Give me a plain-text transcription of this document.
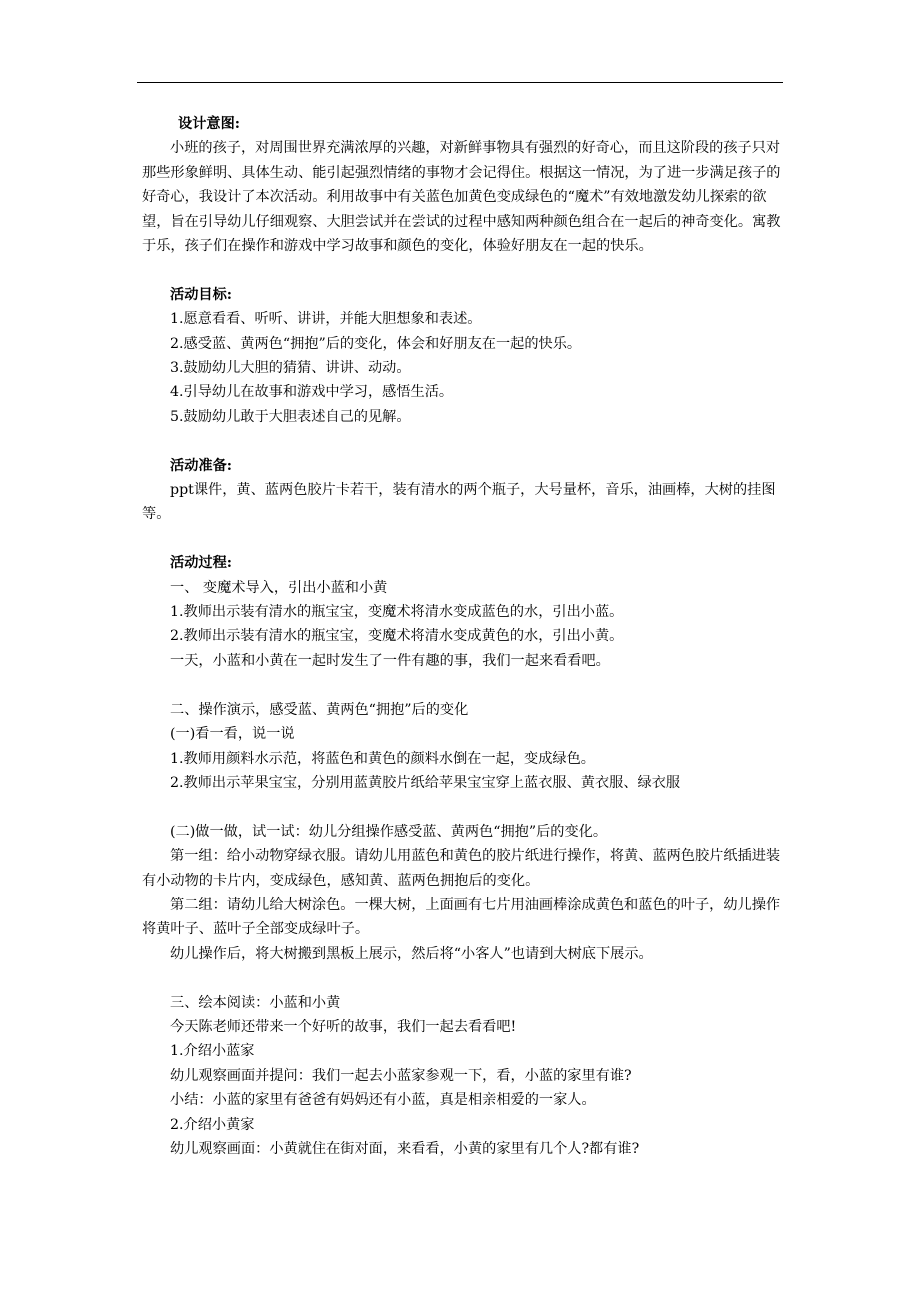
设计意图:

小班的孩子，对周围世界充满浓厚的兴趣，对新鲜事物具有强烈的好奇心，而且这阶段的孩子只对那些形象鲜明、具体生动、能引起强烈情绪的事物才会记得住。根据这一情况，为了进一步满足孩子的好奇心，我设计了本次活动。利用故事中有关蓝色加黄色变成绿色的“魔术”有效地激发幼儿探索的欲望，旨在引导幼儿仔细观察、大胆尝试并在尝试的过程中感知两种颜色组合在一起后的神奇变化。寓教于乐，孩子们在操作和游戏中学习故事和颜色的变化，体验好朋友在一起的快乐。

活动目标:

1.愿意看看、听听、讲讲，并能大胆想象和表述。

2.感受蓝、黄两色“拥抱”后的变化，体会和好朋友在一起的快乐。

3.鼓励幼儿大胆的猜猜、讲讲、动动。

4.引导幼儿在故事和游戏中学习，感悟生活。

5.鼓励幼儿敢于大胆表述自己的见解。

活动准备:

ppt课件，黄、蓝两色胶片卡若干，装有清水的两个瓶子，大号量杯，音乐，油画棒，大树的挂图等。

活动过程:

一、 变魔术导入，引出小蓝和小黄

1.教师出示装有清水的瓶宝宝，变魔术将清水变成蓝色的水，引出小蓝。

2.教师出示装有清水的瓶宝宝，变魔术将清水变成黄色的水，引出小黄。

一天，小蓝和小黄在一起时发生了一件有趣的事，我们一起来看看吧。

二、操作演示，感受蓝、黄两色“拥抱”后的变化

(一)看一看，说一说

1.教师用颜料水示范，将蓝色和黄色的颜料水倒在一起，变成绿色。

2.教师出示苹果宝宝，分别用蓝黄胶片纸给苹果宝宝穿上蓝衣服、黄衣服、绿衣服

(二)做一做，试一试：幼儿分组操作感受蓝、黄两色“拥抱”后的变化。

第一组：给小动物穿绿衣服。请幼儿用蓝色和黄色的胶片纸进行操作，将黄、蓝两色胶片纸插进装有小动物的卡片内，变成绿色，感知黄、蓝两色拥抱后的变化。

第二组：请幼儿给大树涂色。一棵大树，上面画有七片用油画棒涂成黄色和蓝色的叶子，幼儿操作将黄叶子、蓝叶子全部变成绿叶子。

幼儿操作后，将大树搬到黑板上展示，然后将“小客人”也请到大树底下展示。

三、绘本阅读：小蓝和小黄

今天陈老师还带来一个好听的故事，我们一起去看看吧!

1.介绍小蓝家

幼儿观察画面并提问：我们一起去小蓝家参观一下，看，小蓝的家里有谁?

小结：小蓝的家里有爸爸有妈妈还有小蓝，真是相亲相爱的一家人。

2.介绍小黄家

幼儿观察画面：小黄就住在街对面，来看看，小黄的家里有几个人?都有谁?
